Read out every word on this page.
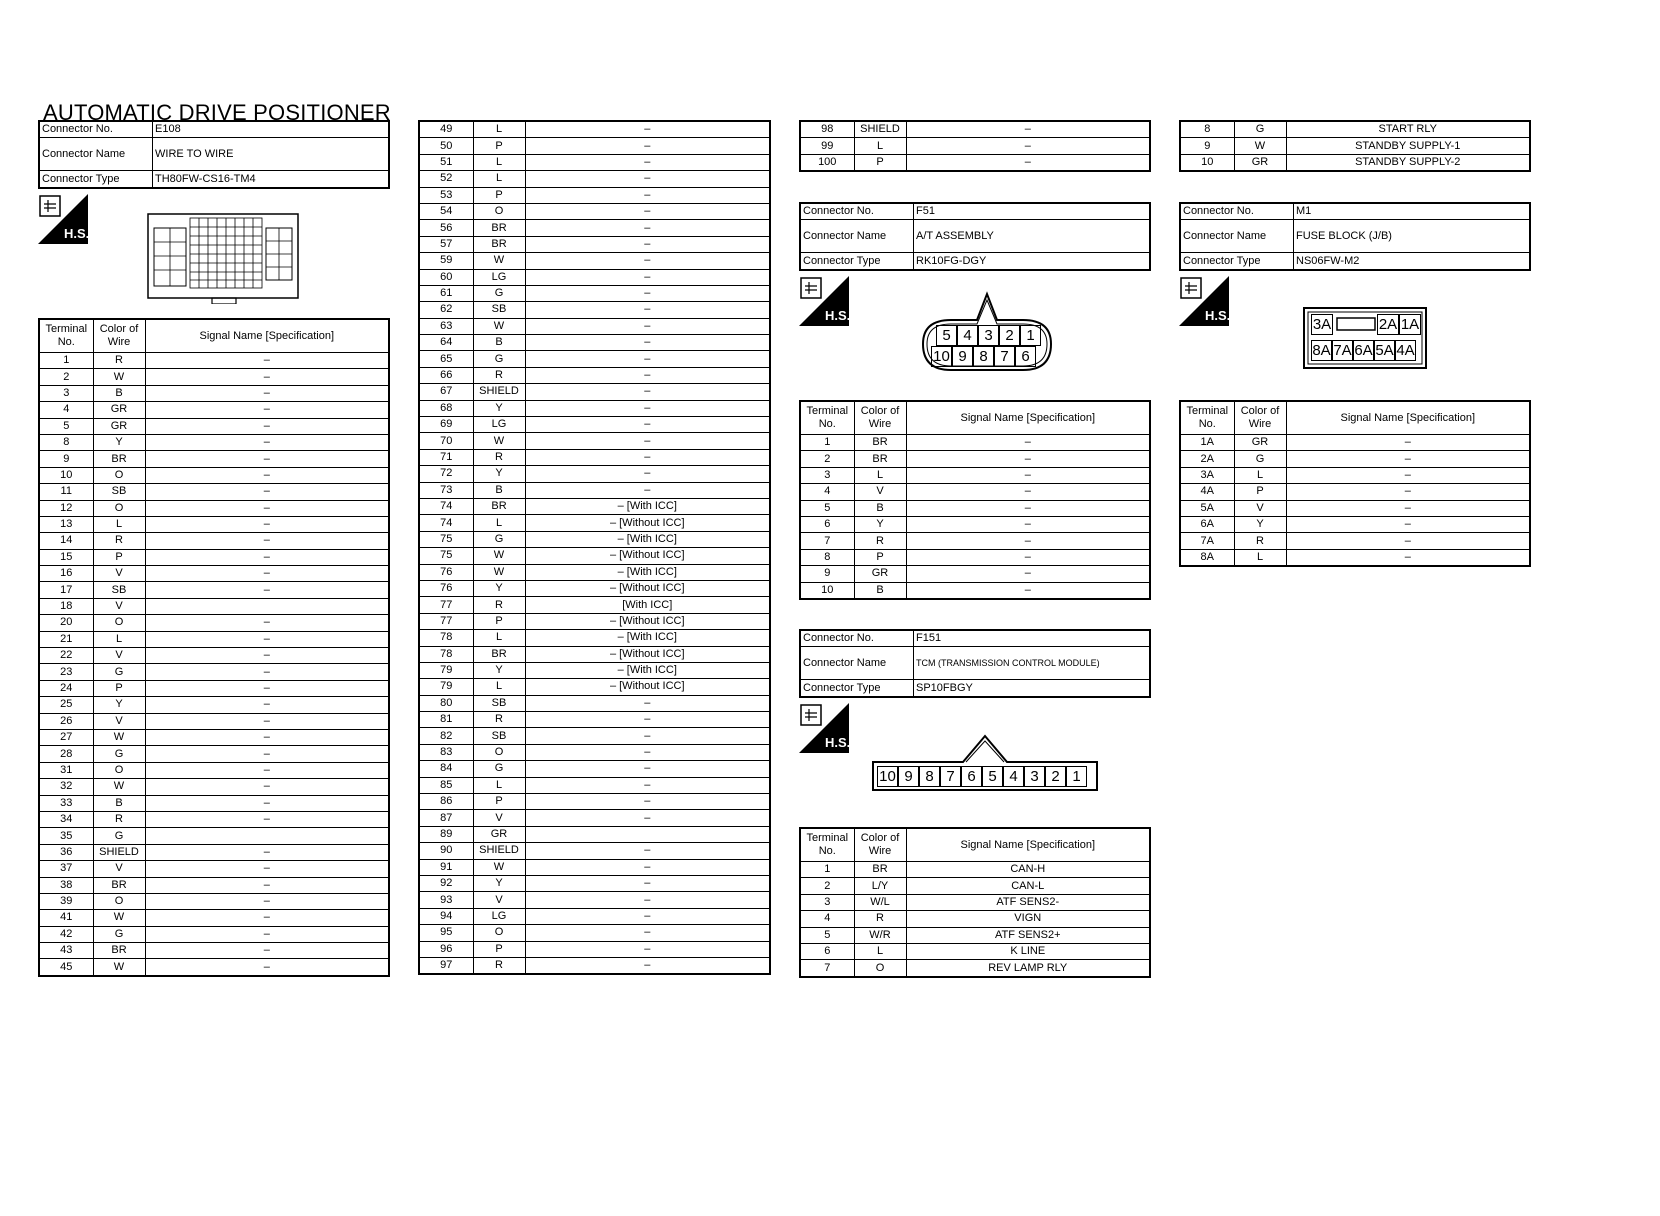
AUTOMATIC DRIVE POSITIONER
Connector No.	E108
Connector Name	WIRE TO WIRE
Connector Type	TH80FW-CS16-TM4
H.S.
Terminal No.	Color of Wire	Signal Name [Specification]
1	R	–
2	W	–
3	B	–
4	GR	–
5	GR	–
8	Y	–
9	BR	–
10	O	–
11	SB	–
12	O	–
13	L	–
14	R	–
15	P	–
16	V	–
17	SB	–
18	V	
20	O	–
21	L	–
22	V	–
23	G	–
24	P	–
25	Y	–
26	V	–
27	W	–
28	G	–
31	O	–
32	W	–
33	B	–
34	R	–
35	G	
36	SHIELD	–
37	V	–
38	BR	–
39	O	–
41	W	–
42	G	–
43	BR	–
45	W	–
49	L	–
50	P	–
51	L	–
52	L	–
53	P	–
54	O	–
56	BR	–
57	BR	–
59	W	–
60	LG	–
61	G	–
62	SB	–
63	W	–
64	B	–
65	G	–
66	R	–
67	SHIELD	–
68	Y	–
69	LG	–
70	W	–
71	R	–
72	Y	–
73	B	–
74	BR	– [With ICC]
74	L	– [Without ICC]
75	G	– [With ICC]
75	W	– [Without ICC]
76	W	– [With ICC]
76	Y	– [Without ICC]
77	R	[With ICC]
77	P	– [Without ICC]
78	L	– [With ICC]
78	BR	– [Without ICC]
79	Y	– [With ICC]
79	L	– [Without ICC]
80	SB	–
81	R	–
82	SB	–
83	O	–
84	G	–
85	L	–
86	P	–
87	V	–
89	GR	
90	SHIELD	–
91	W	–
92	Y	–
93	V	–
94	LG	–
95	O	–
96	P	–
97	R	–
98	SHIELD	–
99	L	–
100	P	–
Connector No.	F51
Connector Name	A/T ASSEMBLY
Connector Type	RK10FG-DGY
H.S.
5 4 3 2 1
10 9 8 7 6
Terminal No.	Color of Wire	Signal Name [Specification]
1	BR	–
2	BR	–
3	L	–
4	V	–
5	B	–
6	Y	–
7	R	–
8	P	–
9	GR	–
10	B	–
Connector No.	F151
Connector Name	TCM (TRANSMISSION CONTROL MODULE)
Connector Type	SP10FBGY
H.S.
10 9 8 7 6 5 4 3 2 1
Terminal No.	Color of Wire	Signal Name [Specification]
1	BR	CAN-H
2	L/Y	CAN-L
3	W/L	ATF SENS2-
4	R	VIGN
5	W/R	ATF SENS2+
6	L	K LINE
7	O	REV LAMP RLY
8	G	START RLY
9	W	STANDBY SUPPLY-1
10	GR	STANDBY SUPPLY-2
Connector No.	M1
Connector Name	FUSE BLOCK (J/B)
Connector Type	NS06FW-M2
H.S.
3A	2A 1A
8A 7A 6A 5A 4A
Terminal No.	Color of Wire	Signal Name [Specification]
1A	GR	–
2A	G	–
3A	L	–
4A	P	–
5A	V	–
6A	Y	–
7A	R	–
8A	L	–
